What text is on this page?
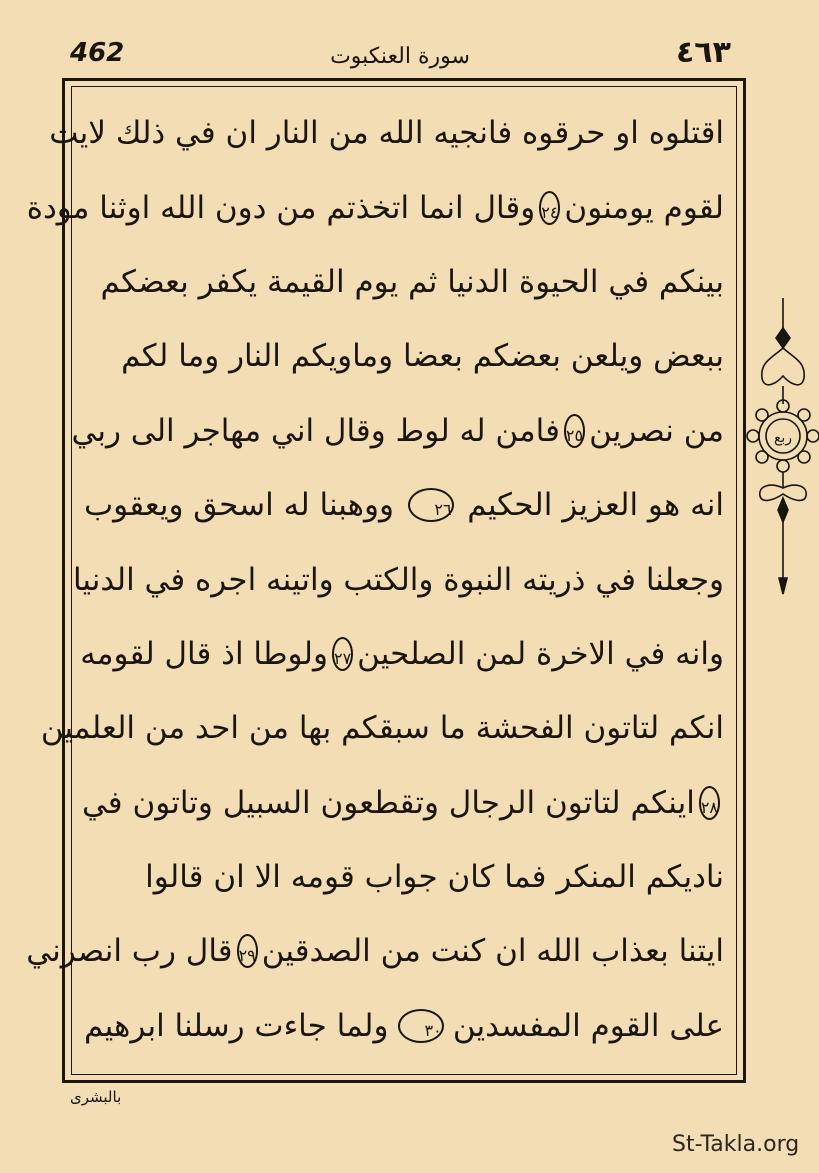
462	سورة العنكبوت	٤٦٣
اقتلوه او حرقوه فانجيه الله من النار ان في ذلك لايت
لقوم يومنون
٢٤
وقال انما اتخذتم من دون الله اوثنا مودة
بينكم في الحيوة الدنيا ثم يوم القيمة يكفر بعضكم
ببعض ويلعن بعضكم بعضا وماويكم النار وما لكم
من نصرين
٢٥
فامن له لوط وقال اني مهاجر الى ربي
انه هو العزيز الحكيم
٢٦
ووهبنا له اسحق ويعقوب
وجعلنا في ذريته النبوة والكتب واتينه اجره في الدنيا
وانه في الاخرة لمن الصلحين
٢٧
ولوطا اذ قال لقومه
انكم لتاتون الفحشة ما سبقكم بها من احد من العلمين
٢٨
اينكم لتاتون الرجال وتقطعون السبيل وتاتون في
ناديكم المنكر فما كان جواب قومه الا ان قالوا
ايتنا بعذاب الله ان كنت من الصدقين
٢٩
قال رب انصرني
على القوم المفسدين
٣٠
ولما جاءت رسلنا ابرهيم
ربع
بالبشرى
St-Takla.org
